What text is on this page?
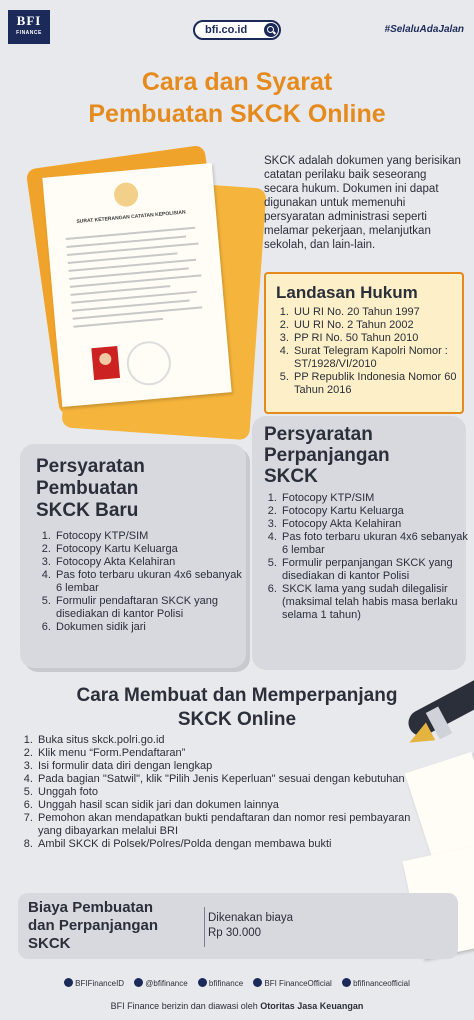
BFI
FINANCE	bfi.co.id	#SelaluAdaJalan
Cara dan Syarat
Pembuatan SKCK Online
SURAT KETERANGAN CATATAN KEPOLISIAN
SKCK adalah dokumen yang berisikan catatan perilaku baik seseorang secara hukum. Dokumen ini dapat digunakan untuk memenuhi persyaratan administrasi seperti melamar pekerjaan, melanjutkan sekolah, dan lain-lain.
Landasan Hukum
1. UU RI No. 20 Tahun 1997
2. UU RI No. 2 Tahun 2002
3. PP RI No. 50 Tahun 2010
4. Surat Telegram Kapolri Nomor : ST/1928/VI/2010
5. PP Republik Indonesia Nomor 60 Tahun 2016
Persyaratan
Perpanjangan
SKCK
1. Fotocopy KTP/SIM
2. Fotocopy Kartu Keluarga
3. Fotocopy Akta Kelahiran
4. Pas foto terbaru ukuran 4x6 sebanyak 6 lembar
5. Formulir perpanjangan SKCK yang disediakan di kantor Polisi
6. SKCK lama yang sudah dilegalisir (maksimal telah habis masa berlaku selama 1 tahun)
Persyaratan
Pembuatan
SKCK Baru
1. Fotocopy KTP/SIM
2. Fotocopy Kartu Keluarga
3. Fotocopy Akta Kelahiran
4. Pas foto terbaru ukuran 4x6 sebanyak 6 lembar
5. Formulir pendaftaran SKCK yang disediakan di kantor Polisi
6. Dokumen sidik jari
Cara Membuat dan Memperpanjang
SKCK Online
1. Buka situs skck.polri.go.id
2. Klik menu “Form.Pendaftaran”
3. Isi formulir data diri dengan lengkap
4. Pada bagian "Satwil", klik "Pilih Jenis Keperluan" sesuai dengan kebutuhan
5. Unggah foto
6. Unggah hasil scan sidik jari dan dokumen lainnya
7. Pemohon akan mendapatkan bukti pendaftaran dan nomor resi pembayaran yang dibayarkan melalui BRI
8. Ambil SKCK di Polsek/Polres/Polda dengan membawa bukti
Biaya Pembuatan
dan Perpanjangan
SKCK
Dikenakan biaya
Rp 30.000
BFIFinanceID	@bfifinance	bfifinance	BFI FinanceOfficial	bfifinanceofficial
BFI Finance berizin dan diawasi oleh Otoritas Jasa Keuangan
